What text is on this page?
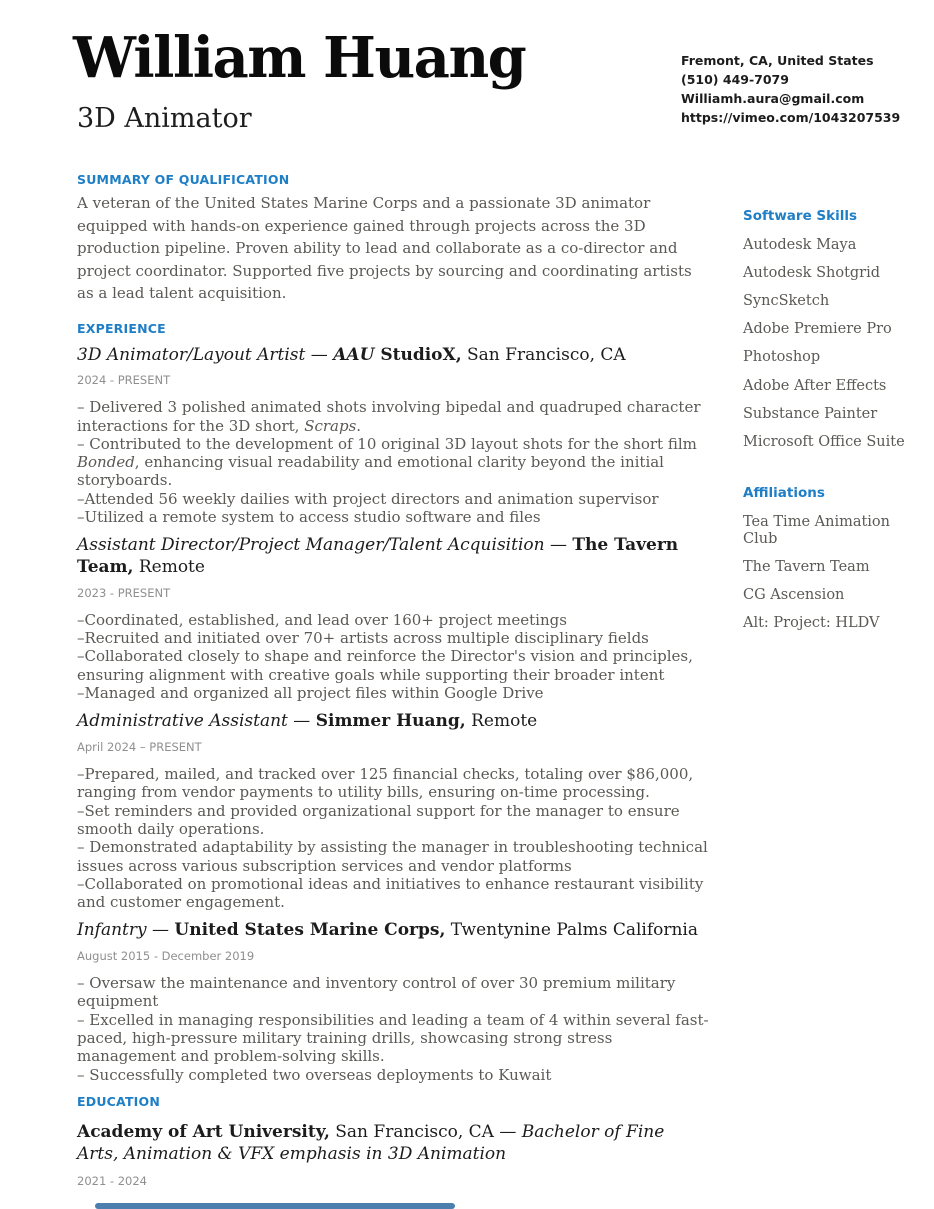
William Huang
3D Animator
Fremont, CA, United States
(510) 449-7079
Williamh.aura@gmail.com
https://vimeo.com/1043207539
SUMMARY OF QUALIFICATION

A veteran of the United States Marine Corps and a passionate 3D animator equipped with hands-on experience gained through projects across the 3D production pipeline. Proven ability to lead and collaborate as a co-director and project coordinator. Supported five projects by sourcing and coordinating artists as a lead talent acquisition.

EXPERIENCE
3D Animator/Layout Artist — AAU StudioX, San Francisco, CA
2024 - PRESENT

– Delivered 3 polished animated shots involving bipedal and quadruped character interactions for the 3D short, Scraps.

– Contributed to the development of 10 original 3D layout shots for the short film Bonded, enhancing visual readability and emotional clarity beyond the initial storyboards.

–Attended 56 weekly dailies with project directors and animation supervisor

–Utilized a remote system to access studio software and files

Assistant Director/Project Manager/Talent Acquisition — The Tavern Team, Remote
2023 - PRESENT

–Coordinated, established, and lead over 160+ project meetings

–Recruited and initiated over 70+ artists across multiple disciplinary fields

–Collaborated closely to shape and reinforce the Director's vision and principles, ensuring alignment with creative goals while supporting their broader intent

–Managed and organized all project files within Google Drive

Administrative Assistant — Simmer Huang, Remote
April 2024 – PRESENT

–Prepared, mailed, and tracked over 125 financial checks, totaling over $86,000, ranging from vendor payments to utility bills, ensuring on-time processing.

–Set reminders and provided organizational support for the manager to ensure smooth daily operations.

– Demonstrated adaptability by assisting the manager in troubleshooting technical issues across various subscription services and vendor platforms

–Collaborated on promotional ideas and initiatives to enhance restaurant visibility and customer engagement.

Infantry — United States Marine Corps, Twentynine Palms California
August 2015 - December 2019

– Oversaw the maintenance and inventory control of over 30 premium military equipment

– Excelled in managing responsibilities and leading a team of 4 within several fast-paced, high-pressure military training drills, showcasing strong stress management and problem-solving skills.

– Successfully completed two overseas deployments to Kuwait

EDUCATION
Academy of Art University, San Francisco, CA — Bachelor of Fine Arts, Animation & VFX emphasis in 3D Animation
2021 - 2024
Software Skills
Autodesk Maya
Autodesk Shotgrid
SyncSketch
Adobe Premiere Pro
Photoshop
Adobe After Effects
Substance Painter
Microsoft Office Suite
Affiliations
Tea Time Animation Club
The Tavern Team
CG Ascension
Alt: Project: HLDV
